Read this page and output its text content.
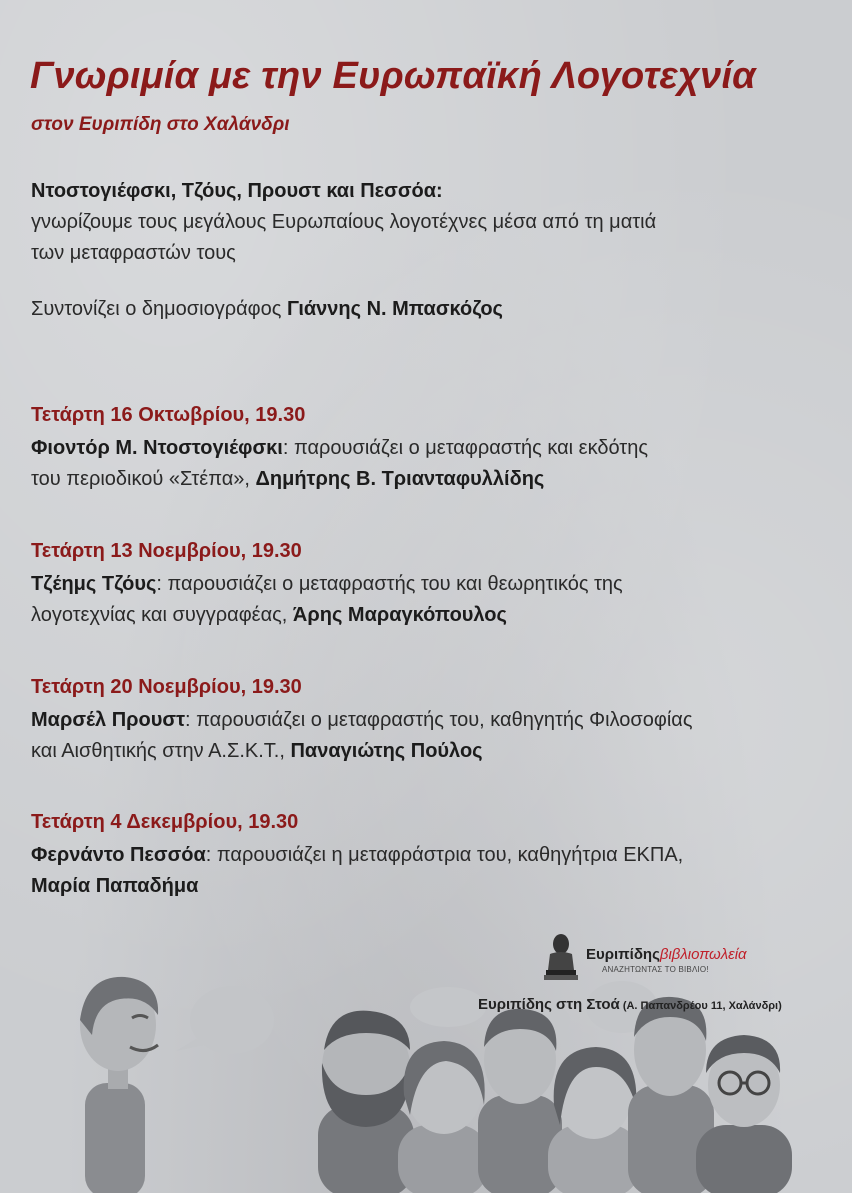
Γνωριμία με την Ευρωπαϊκή Λογοτεχνία
στον Ευριπίδη στο Χαλάνδρι

Ντοστογιέφσκι, Τζόυς, Προυστ και Πεσσόα:

γνωρίζουμε τους μεγάλους Ευρωπαίους λογοτέχνες μέσα από τη ματιά

των μεταφραστών τους

Συντονίζει ο δημοσιογράφος Γιάννης Ν. Μπασκόζος

Τετάρτη 16 Οκτωβρίου, 19.30

Φιοντόρ Μ. Ντοστογιέφσκι: παρουσιάζει ο μεταφραστής και εκδότης

του περιοδικού «Στέπα», Δημήτρης Β. Τριανταφυλλίδης

Τετάρτη 13 Νοεμβρίου, 19.30

Τζέημς Τζόυς: παρουσιάζει ο μεταφραστής του και θεωρητικός της

λογοτεχνίας και συγγραφέας, Άρης Μαραγκόπουλος

Τετάρτη 20 Νοεμβρίου, 19.30

Μαρσέλ Προυστ: παρουσιάζει ο μεταφραστής του, καθηγητής Φιλοσοφίας

και Αισθητικής στην Α.Σ.Κ.Τ., Παναγιώτης Πούλος

Τετάρτη 4 Δεκεμβρίου, 19.30

Φερνάντο Πεσσόα: παρουσιάζει η μεταφράστρια του, καθηγήτρια ΕΚΠΑ,

Μαρία Παπαδήμα

Ευριπίδηςβιβλιοπωλεία
ΑΝΑΖΗΤΩΝΤΑΣ ΤΟ ΒΙΒΛΙΟ!
Ευριπίδης στη Στοά (Α. Παπανδρέου 11, Χαλάνδρι)
